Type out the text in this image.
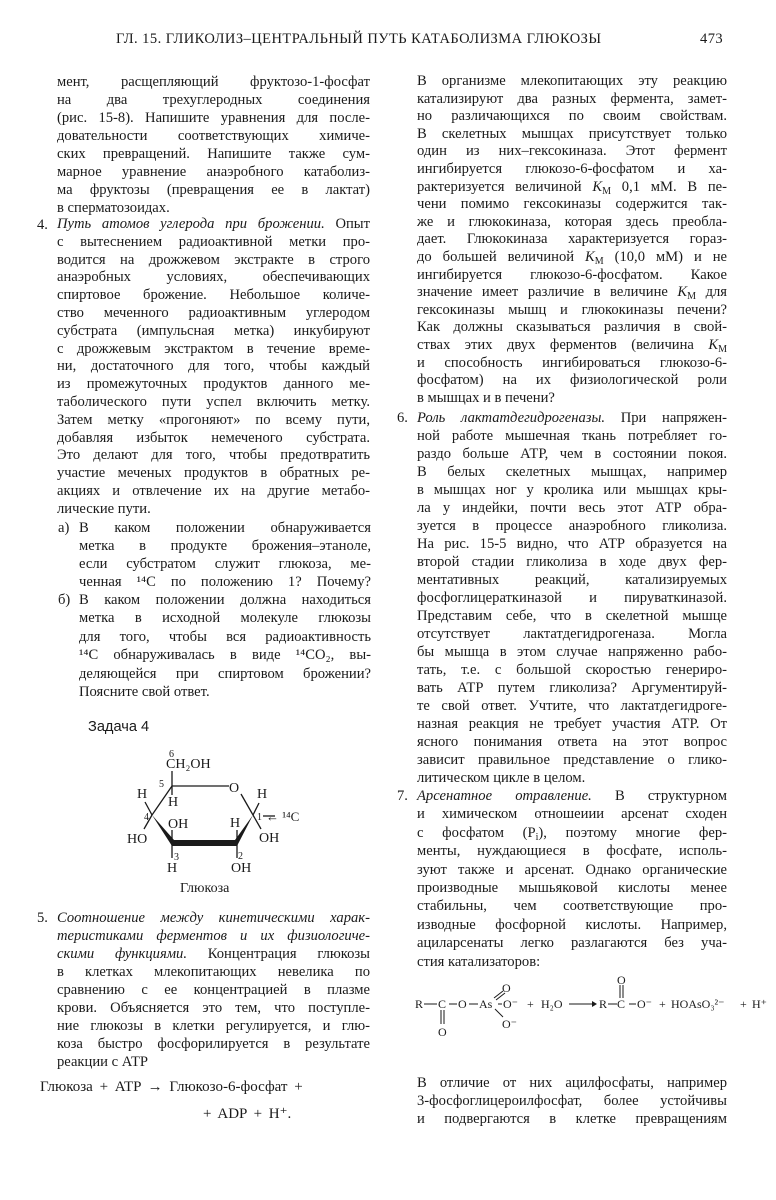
ГЛ. 15. ГЛИКОЛИЗ–ЦЕНТРАЛЬНЫЙ ПУТЬ КАТАБОЛИЗМА ГЛЮКОЗЫ	473
мент, расщепляющий фруктозо-1-фосфат
на два трехуглеродных соединения
(рис. 15-8). Напишите уравнения для после-
довательности соответствующих химиче-
ских превращений. Напишите также сум-
марное уравнение анаэробного катаболиз-
ма фруктозы (превращения ее в лактат)
в сперматозоидах.
4. Путь атомов углерода при брожении. Опыт
с вытеснением радиоактивной метки про-
водится на дрожжевом экстракте в строго
анаэробных условиях, обеспечивающих
спиртовое брожение. Небольшое количе-
ство меченного радиоактивным углеродом
субстрата (импульсная метка) инкубируют
с дрожжевым экстрактом в течение време-
ни, достаточного для того, чтобы каждый
из промежуточных продуктов данного ме-
таболического пути успел включить метку.
Затем метку «прогоняют» по всему пути,
добавляя избыток немеченого субстрата.
Это делают для того, чтобы предотвратить
участие меченых продуктов в обратных ре-
акциях и отвлечение их на другие метабо-
лические пути.
а) В каком положении обнаруживается
метка в продукте брожения–этаноле,
если субстратом служит глюкоза, ме-
ченная ¹⁴C по положению 1? Почему?
б) В каком положении должна находиться
метка в исходной молекуле глюкозы
для того, чтобы вся радиоактивность
¹⁴C обнаруживалась в виде ¹⁴CO₂, вы-
деляющейся при спиртовом брожении?
Поясните свой ответ.
Задача 4
6
CH₂OH
5	O
H
H
4 OH
HO
H 1 ← ¹⁴C
H
OH
3
H
2
OH
Глюкоза
R C O As O⁻
O
O⁻
O
+ H₂O	R C O⁻
O
+ HOAsO₃²⁻ + H⁺
5. Соотношение между кинетическими харак-
теристиками ферментов и их физиологиче-
скими функциями. Концентрация глюкозы
в клетках млекопитающих невелика по
сравнению с ее концентрацией в плазме
крови. Объясняется это тем, что поступле-
ние глюкозы в клетки регулируется, и глю-
коза быстро фосфорилируется в результате
реакции с АТР
Глюкоза + ATP → Глюкозо-6-фосфат +
+ ADP + H⁺.
В организме млекопитающих эту реакцию
катализируют два разных фермента, замет-
но различающихся по своим свойствам.
В скелетных мышцах присутствует только
один из них–гексокиназа. Этот фермент
ингибируется глюкозо-6-фосфатом и ха-
рактеризуется величиной $K_M$ 0,1 мМ. В пе-
чени помимо гексокиназы содержится так-
же и глюкокиназа, которая здесь преобла-
дает. Глюкокиназа характеризуется гораз-
до большей величиной $K_M$ (10,0 мМ) и не
ингибируется глюкозо-6-фосфатом. Какое
значение имеет различие в величине $K_M$ для
гексокиназы мышц и глюкокиназы печени?
Как должны сказываться различия в свой-
ствах этих двух ферментов (величина $K_M$
и способность ингибироваться глюкозо-6-
фосфатом) на их физиологической роли
в мышцах и в печени?
6. Роль лактатдегидрогеназы. При напряжен-
ной работе мышечная ткань потребляет го-
раздо больше АТР, чем в состоянии покоя.
В белых скелетных мышцах, например
в мышцах ног у кролика или мышцах кры-
ла у индейки, почти весь этот АТР обра-
зуется в процессе анаэробного гликолиза.
На рис. 15-5 видно, что АТР образуется на
второй стадии гликолиза в ходе двух фер-
ментативных реакций, катализируемых
фосфоглицераткиназой и пируваткиназой.
Представим себе, что в скелетной мышце
отсутствует лактатдегидрогеназа. Могла
бы мышца в этом случае напряженно рабо-
тать, т.е. с большой скоростью генериро-
вать АТР путем гликолиза? Аргументируй-
те свой ответ. Учтите, что лактатдегидроге-
назная реакция не требует участия АТР. От
ясного понимания ответа на этот вопрос
зависит правильное представление о глико-
литическом цикле в целом.
7. Арсенатное отравление. В структурном
и химическом отношеиии арсенат сходен
с фосфатом $(P_i)$, поэтому многие фер-
менты, нуждающиеся в фосфате, исполь-
зуют также и арсенат. Однако органические
производные мышьяковой кислоты менее
стабильны, чем соответствующие про-
изводные фосфорной кислоты. Например,
ациларсенаты легко разлагаются без уча-
стия катализаторов:
В отличие от них ацилфосфаты, например
3-фосфоглицероилфосфат, более устойчивы
и подвергаются в клетке превращениям
